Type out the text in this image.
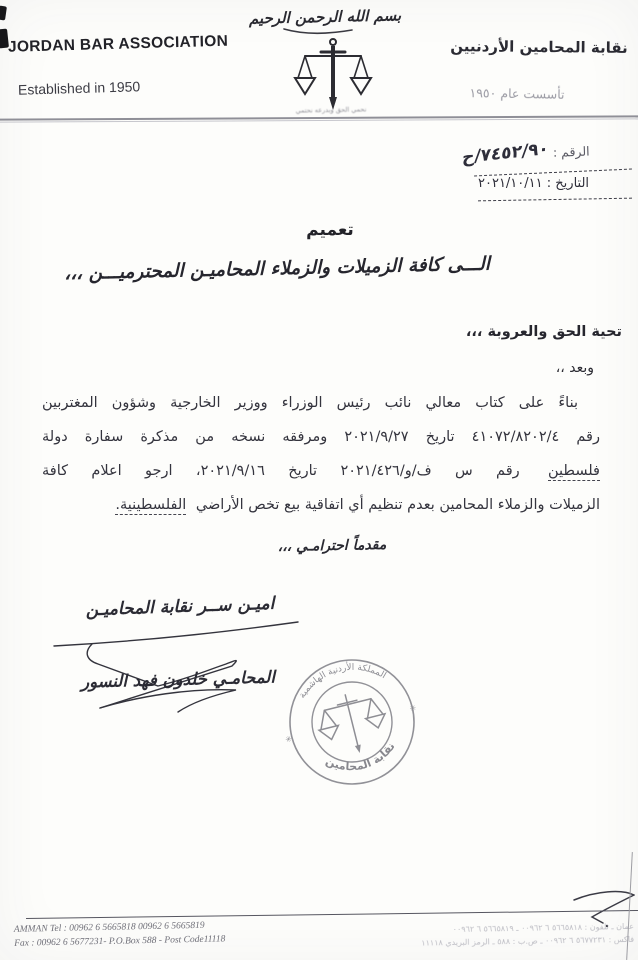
بسم الله الرحمن الرحيم
JORDAN BAR ASSOCIATION
Established in 1950
نحمي الحق وبدرعه نحتمي
نقابة المحامين الأردنيين
تأسست عام ١٩٥٠
الرقم : ٧٤٥٢/٩٠/ح
التاريخ : ٢٠٢١/١٠/١١
تعميم
الـــى كافة الزميلات والزملاء المحاميـن المحترميـــن ،،،
تحية الحق والعروبة ،،،
وبعد ،،
بناءً على كتاب معالي نائب رئيس الوزراء ووزير الخارجية وشؤون المغتربين
رقم ٤١٠٧٢/٨٢٠٢/٤ تاريخ ٢٠٢١/٩/٢٧ ومرفقه نسخه من مذكرة سفارة دولة
فلسطين رقم س ف/و/٢٠٢١/٤٢٦ تاريخ ٢٠٢١/٩/١٦، ارجو اعلام كافة
الزميلات والزملاء المحامين بعدم تنظيم أي اتفاقية بيع تخص الأراضي الفلسطينية.
مقدماً احترامـي ،،،
اميـن ســر نقابة المحاميـن
المحامـي خلدون فهد النسور
المملكة الأردنية الهاشمية
نقابة المحامين
✳
✳
AMMAN Tel : 00962 6 5665818 00962 6 5665819
Fax : 00962 6 5677231- P.O.Box 588 - Post Code11118
عمان ـ تلفون : ٥٦٦٥٨١٨ ٦ ٠٠٩٦٢ ـ ٥٦٦٥٨١٩ ٦ ٠٠٩٦٢
فاكس : ٥٦٧٧٢٣١ ٦ ٠٠٩٦٢ ـ ص.ب : ٥٨٨ ـ الرمز البريدي ١١١١٨
